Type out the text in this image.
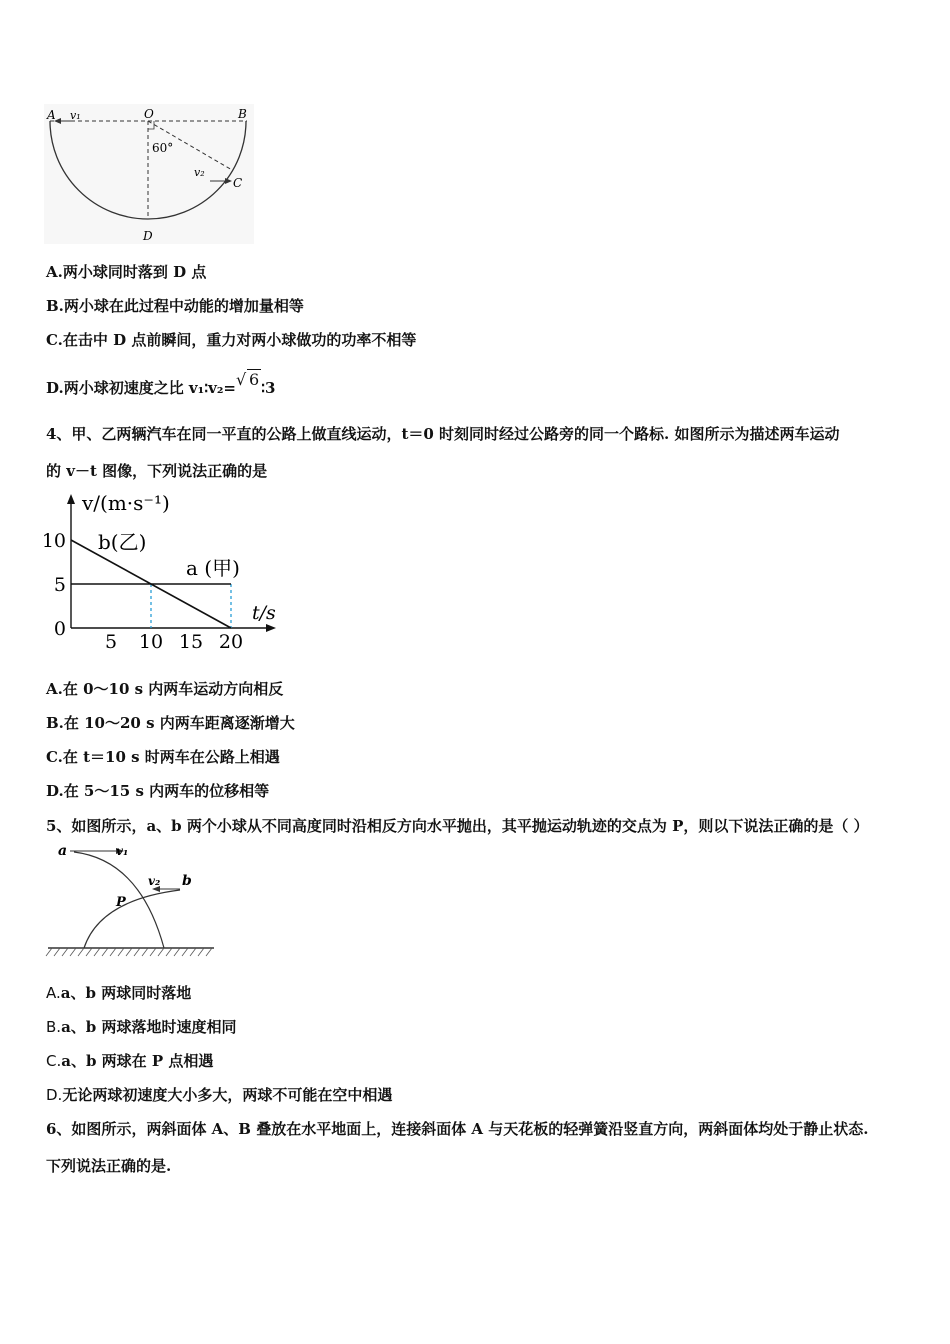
A v₁	O	B
60°
v₂
C
D
A.两小球同时落到 D 点
B.两小球在此过程中动能的增加量相等
C.在击中 D 点前瞬间，重力对两小球做功的功率不相等
D.两小球初速度之比 v₁∶v₂=√ 6 ∶3
4、甲、乙两辆汽车在同一平直的公路上做直线运动，t＝0 时刻同时经过公路旁的同一个路标. 如图所示为描述两车运动
的 v－t 图像，下列说法正确的是
v/(m·s⁻¹)
t/s
b(乙)
a (甲)
5 10 15 20
10
5
0
A.在 0～10 s 内两车运动方向相反
B.在 10～20 s 内两车距离逐渐增大
C.在 t＝10 s 时两车在公路上相遇
D.在 5～15 s 内两车的位移相等
5、如图所示，a、b 两个小球从不同高度同时沿相反方向水平抛出，其平抛运动轨迹的交点为 P，则以下说法正确的是（ ）
a	v₁
v₂ b
P
A.a、b 两球同时落地
B.a、b 两球落地时速度相同
C.a、b 两球在 P 点相遇
D.无论两球初速度大小多大，两球不可能在空中相遇
6、如图所示，两斜面体 A、B 叠放在水平地面上，连接斜面体 A 与天花板的轻弹簧沿竖直方向，两斜面体均处于静止状态.
下列说法正确的是.
